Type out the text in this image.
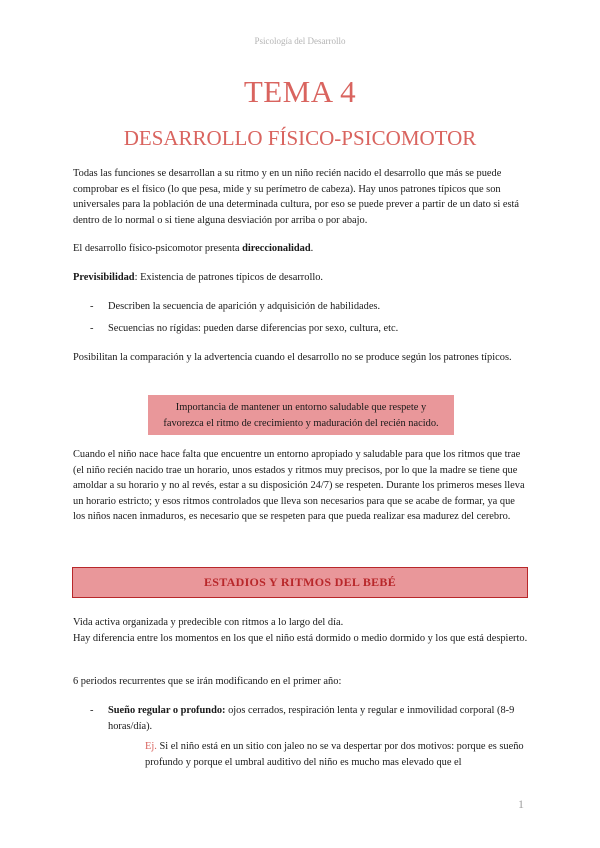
Psicología del Desarrollo
TEMA 4
DESARROLLO FÍSICO-PSICOMOTOR

Todas las funciones se desarrollan a su ritmo y en un niño recién nacido el desarrollo que más se puede comprobar es el físico (lo que pesa, mide y su perímetro de cabeza). Hay unos patrones típicos que son universales para la población de una determinada cultura, por eso se puede prever a partir de un dato si está dentro de lo normal o si tiene alguna desviación por arriba o por abajo.

El desarrollo físico-psicomotor presenta direccionalidad.

Previsibilidad: Existencia de patrones típicos de desarrollo.

- Describen la secuencia de aparición y adquisición de habilidades.
- Secuencias no rígidas: pueden darse diferencias por sexo, cultura, etc.

Posibilitan la comparación y la advertencia cuando el desarrollo no se produce según los patrones típicos.

Importancia de mantener un entorno saludable que respete y
favorezca el ritmo de crecimiento y maduración del recién nacido.

Cuando el niño nace hace falta que encuentre un entorno apropiado y saludable para que los ritmos que trae (el niño recién nacido trae un horario, unos estados y ritmos muy precisos, por lo que la madre se tiene que amoldar a su horario y no al revés, estar a su disposición 24/7) se respeten. Durante los primeros meses lleva un horario estricto; y esos ritmos controlados que lleva son necesarios para que se acabe de formar, ya que los niños nacen inmaduros, es necesario que se respeten para que pueda realizar esa madurez del cerebro.

ESTADIOS Y RITMOS DEL BEBÉ

Vida activa organizada y predecible con ritmos a lo largo del día.
Hay diferencia entre los momentos en los que el niño está dormido o medio dormido y los que está despierto.

6 periodos recurrentes que se irán modificando en el primer año:

- Sueño regular o profundo: ojos cerrados, respiración lenta y regular e inmovilidad corporal (8-9 horas/día).

Ej. Si el niño está en un sitio con jaleo no se va despertar por dos motivos: porque es sueño profundo y porque el umbral auditivo del niño es mucho mas elevado que el

1
